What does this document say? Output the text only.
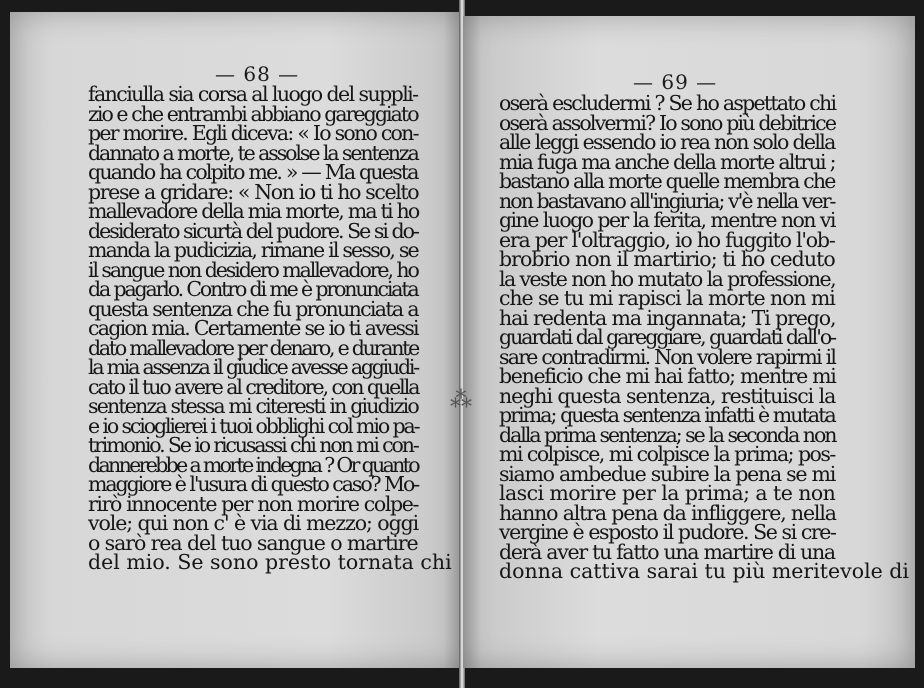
— 68 —
fanciulla sia corsa al luogo del suppli-
zio e che entrambi abbiano gareggiato
per morire. Egli diceva: « Io sono con-
dannato a morte, te assolse la sentenza
quando ha colpito me. » — Ma questa
prese a gridare: « Non io ti ho scelto
mallevadore della mia morte, ma ti ho
desiderato sicurtà del pudore. Se si do-
manda la pudicizia, rimane il sesso, se
il sangue non desidero mallevadore, ho
da pagarlo. Contro di me è pronunciata
questa sentenza che fu pronunciata a
cagion mia. Certamente se io ti avessi
dato mallevadore per denaro, e durante
la mia assenza il giudice avesse aggiudi-
cato il tuo avere al creditore, con quella
sentenza stessa mi citeresti in giudizio
e io scioglierei i tuoi obblighi col mio pa-
trimonio. Se io ricusassi chi non mi con-
dannerebbe a morte indegna ? Or quanto
maggiore è l'usura di questo caso? Mo-
rirò innocente per non morire colpe-
vole; qui non c' è via di mezzo; oggi
o sarò rea del tuo sangue o martire
del mio. Se sono presto tornata chi
— 69 —
oserà escludermi ? Se ho aspettato chi
oserà assolvermi? Io sono più debitrice
alle leggi essendo io rea non solo della
mia fuga ma anche della morte altrui ;
bastano alla morte quelle membra che
non bastavano all'ingiuria; v'è nella ver-
gine luogo per la ferita, mentre non vi
era per l'oltraggio, io ho fuggito l'ob-
brobrio non il martirio; ti ho ceduto
la veste non ho mutato la professione,
che se tu mi rapisci la morte non mi
hai redenta ma ingannata; Ti prego,
guardati dal gareggiare, guardati dall'o-
sare contradirmi. Non volere rapirmi il
beneficio che mi hai fatto; mentre mi
neghi questa sentenza, restituisci la
prima; questa sentenza infatti è mutata
dalla prima sentenza; se la seconda non
mi colpisce, mi colpisce la prima; pos-
siamo ambedue subire la pena se mi
lasci morire per la prima; a te non
hanno altra pena da infliggere, nella
vergine è esposto il pudore. Se si cre-
derà aver tu fatto una martire di una
donna cattiva sarai tu più meritevole di
⁂
